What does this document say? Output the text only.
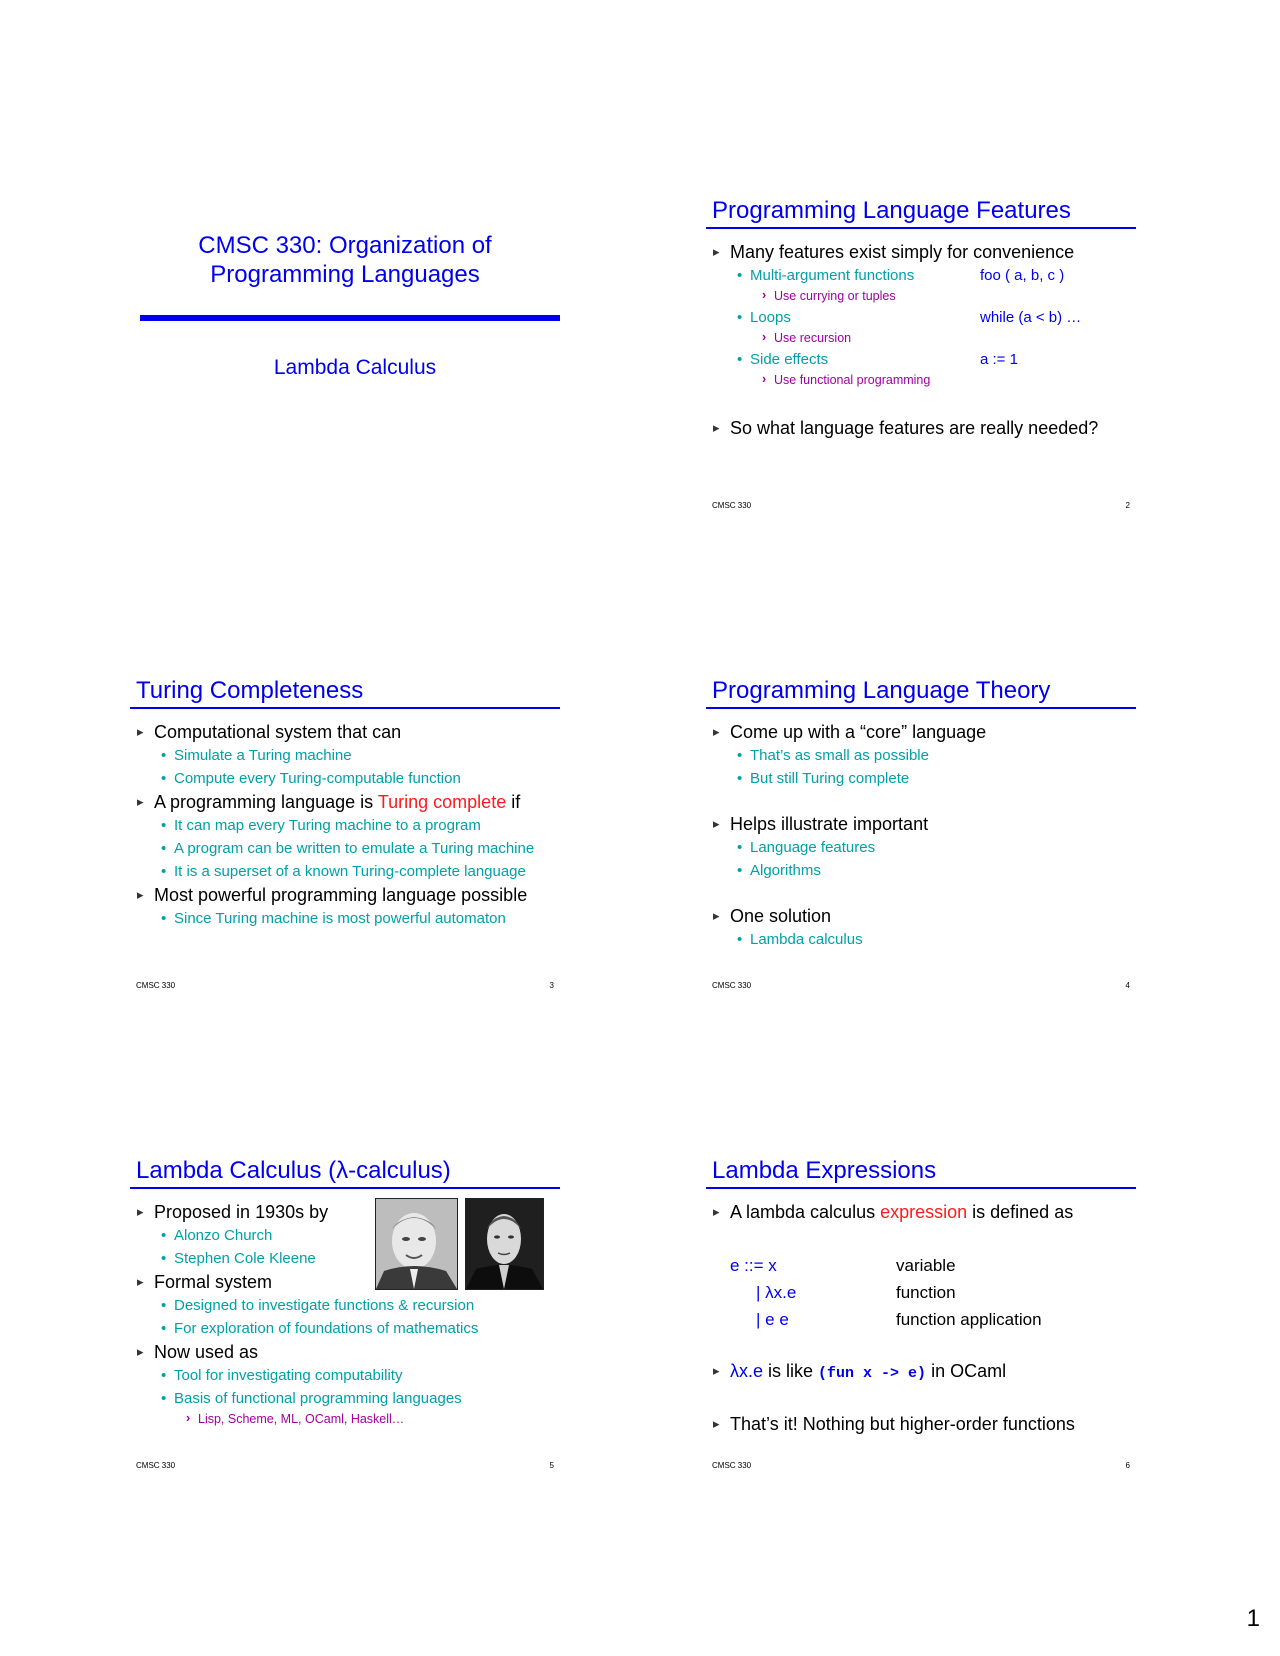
CMSC 330: Organization of
Programming Languages
Lambda Calculus
Programming Language Features
▸ Many features exist simply for convenience
• Multi-argument functions	foo ( a, b, c )
› Use currying or tuples
• Loops	while (a < b) …
› Use recursion
• Side effects	a := 1
› Use functional programming
▸ So what language features are really needed?
CMSC 330	2
Turing Completeness
▸ Computational system that can
• Simulate a Turing machine
• Compute every Turing-computable function
▸ A programming language is Turing complete if
• It can map every Turing machine to a program
• A program can be written to emulate a Turing machine
• It is a superset of a known Turing-complete language
▸ Most powerful programming language possible
• Since Turing machine is most powerful automaton
CMSC 330	3
Programming Language Theory
▸ Come up with a “core” language
• That’s as small as possible
• But still Turing complete
▸ Helps illustrate important
• Language features
• Algorithms
▸ One solution
• Lambda calculus
CMSC 330	4
Lambda Calculus (λ-calculus)
▸ Proposed in 1930s by
• Alonzo Church
• Stephen Cole Kleene
▸ Formal system
• Designed to investigate functions & recursion
• For exploration of foundations of mathematics
▸ Now used as
• Tool for investigating computability
• Basis of functional programming languages
› Lisp, Scheme, ML, OCaml, Haskell…
CMSC 330	5
Lambda Expressions
▸ A lambda calculus expression is defined as
e ::= x	variable
| λx.e	function
| e e	function application
▸ λx.e is like (fun x -> e) in OCaml
▸ That’s it! Nothing but higher-order functions
CMSC 330	6
1
